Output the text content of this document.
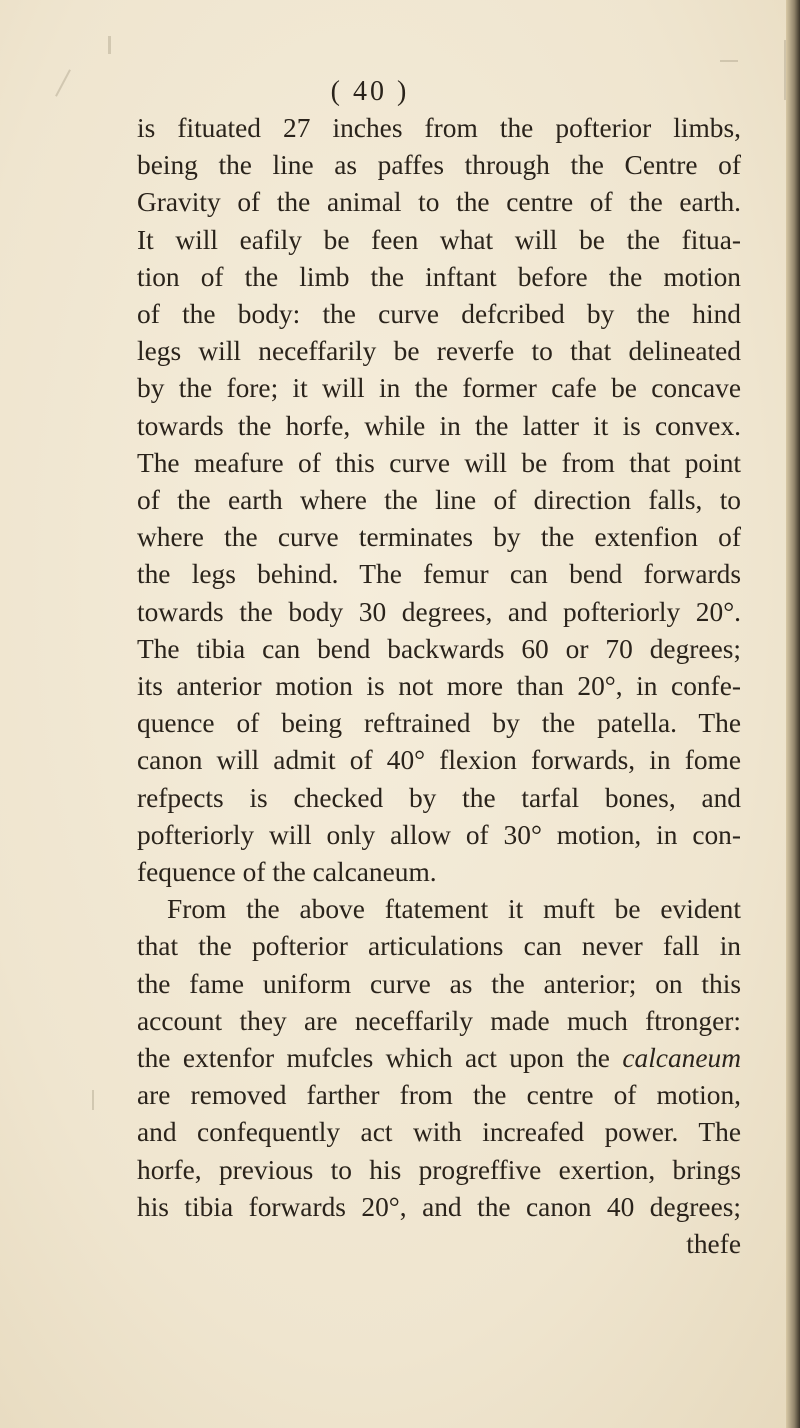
( 40 )
is fituated 27 inches from the pofterior limbs,
being the line as paffes through the Centre of
Gravity of the animal to the centre of the earth.
It will eafily be feen what will be the fitua-
tion of the limb the inftant before the motion
of the body: the curve defcribed by the hind
legs will neceffarily be reverfe to that delineated
by the fore; it will in the former cafe be concave
towards the horfe, while in the latter it is convex.
The meafure of this curve will be from that point
of the earth where the line of direction falls, to
where the curve terminates by the extenfion of
the legs behind. The femur can bend forwards
towards the body 30 degrees, and pofteriorly 20°.
The tibia can bend backwards 60 or 70 degrees;
its anterior motion is not more than 20°, in confe-
quence of being reftrained by the patella. The
canon will admit of 40° flexion forwards, in fome
refpects is checked by the tarfal bones, and
pofteriorly will only allow of 30° motion, in con-
fequence of the calcaneum.
From the above ftatement it muft be evident
that the pofterior articulations can never fall in
the fame uniform curve as the anterior; on this
account they are neceffarily made much ftronger:
the extenfor mufcles which act upon the calcaneum
are removed farther from the centre of motion,
and confequently act with increafed power. The
horfe, previous to his progreffive exertion, brings
his tibia forwards 20°, and the canon 40 degrees;
thefe
